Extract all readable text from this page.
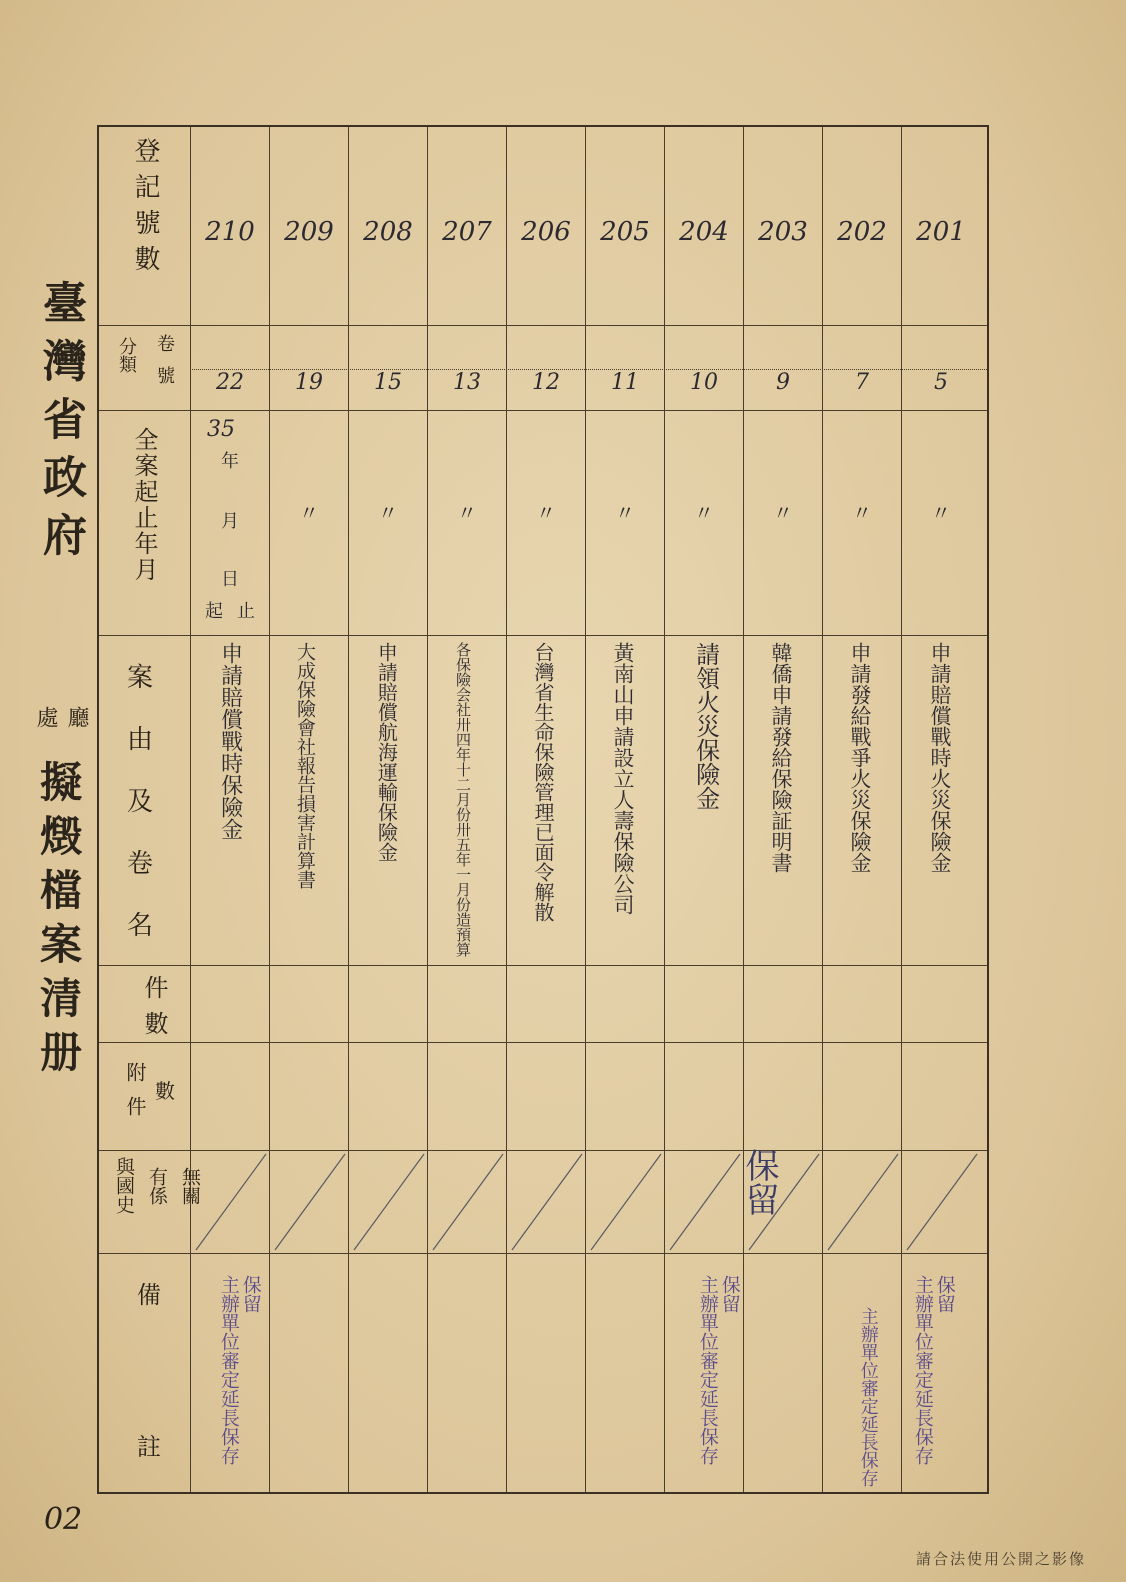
臺灣省政府
廳
處
擬燬檔案清册
登記號數
分類 卷號
全案起止年月
案
由
及
卷
名
件數
附件 數
無關
有係
與國史
備
註
35
年
月
日
起 止
210
22
申請賠償戰時保險金
209
19
〃
大成保險會社報告損害計算書
208
15
〃
申請賠償航海運輸保險金
207
13
〃
各保險会社卅四年十二月份卅五年一月份造預算
206
12
〃
台灣省生命保險管理已面令解散
205
11
〃
黃南山申請設立人壽保險公司
204
10
〃
請領火災保險金
203
9
〃
韓僑申請發給保險証明書
202
7
〃
申請發給戰爭火災保險金
201
5
〃
申請賠償戰時火災保險金
保留
主辦單位審定延長保存	保留
主辦單位審定延長保存	保留
主辦單位審定延長保存
主辦單位審定延長保存
保留
02
請合法使用公開之影像
